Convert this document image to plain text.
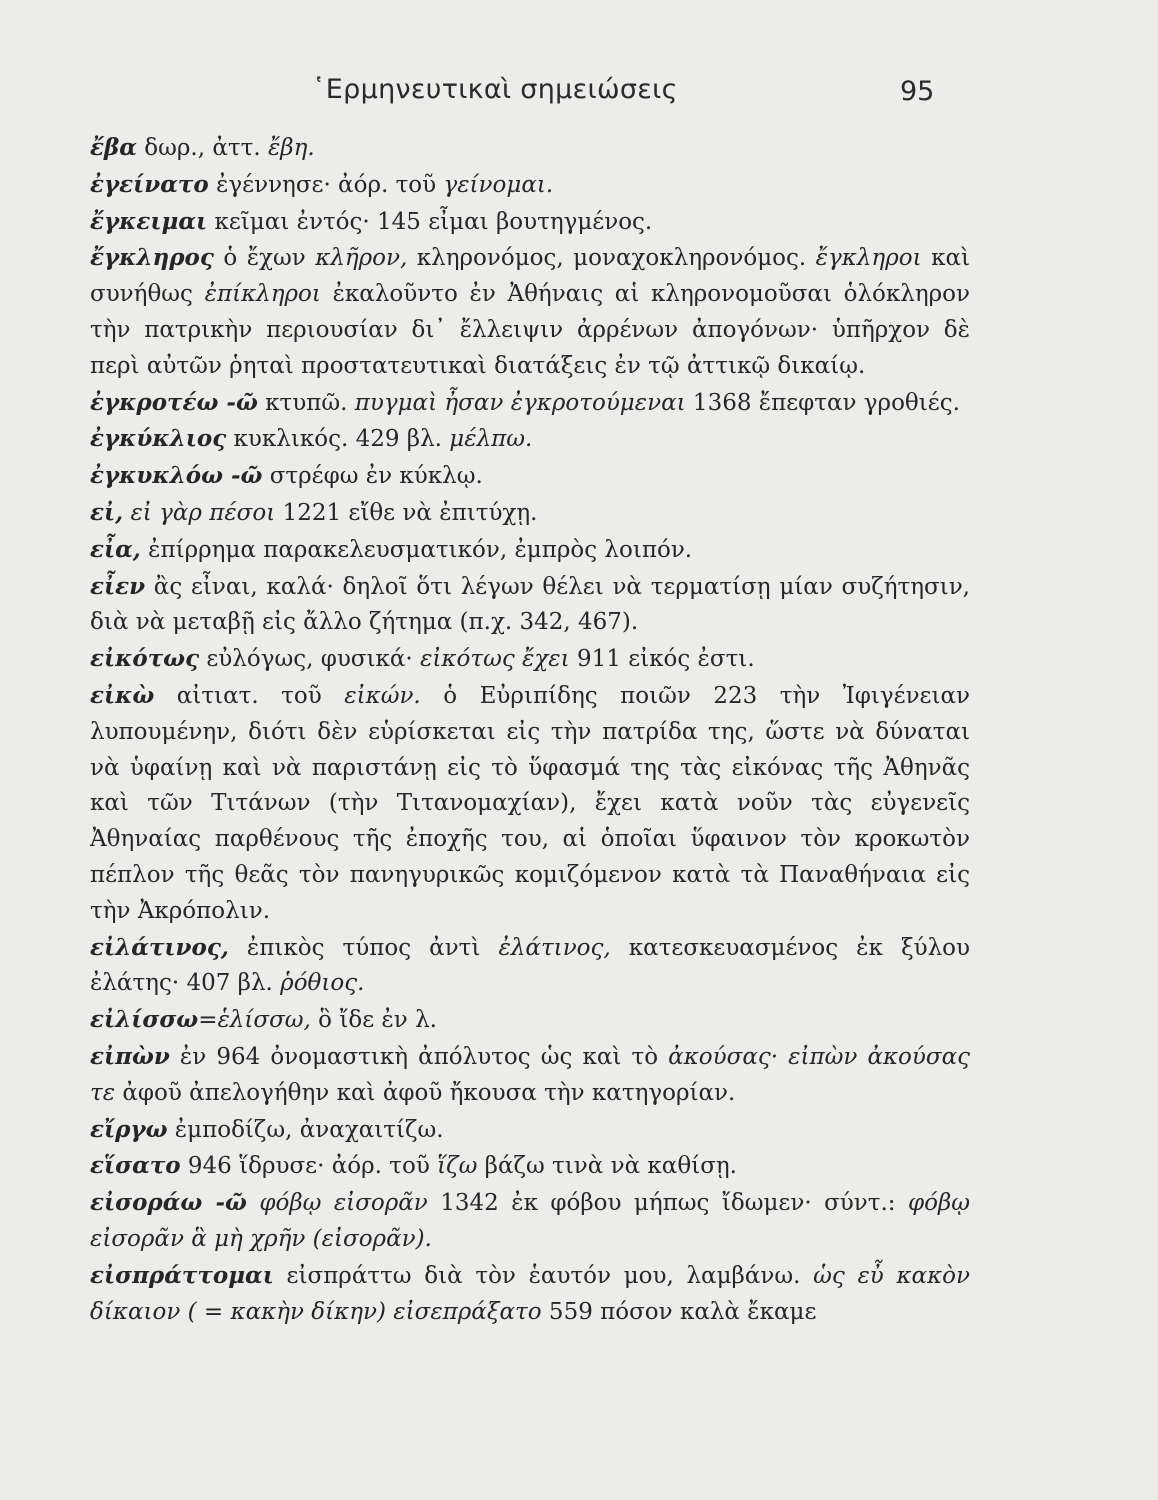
῾Ερμηνευτικαὶ σημειώσεις	95

ἔβα δωρ., ἀττ. ἔβη.

ἐγείνατο ἐγέννησε· ἀόρ. τοῦ γείνομαι.

ἔγκειμαι κεῖμαι ἐντός· 145 εἶμαι βουτηγμένος.

ἔγκληρος ὁ ἔχων κλῆρον, κληρονόμος, μοναχοκληρονόμος. ἔγκληροι καὶ συνήθως ἐπίκληροι ἐκαλοῦντο ἐν Ἀθήναις αἱ κληρονομοῦσαι ὁλόκληρον τὴν πατρικὴν περιουσίαν δι᾽ ἔλλειψιν ἀρρένων ἀπογόνων· ὑπῆρχον δὲ περὶ αὐτῶν ῥηταὶ προστατευτικαὶ διατάξεις ἐν τῷ ἀττικῷ δικαίῳ.

ἐγκροτέω -ῶ κτυπῶ. πυγμαὶ ἦσαν ἐγκροτούμεναι 1368 ἔπεφταν γροθιές.

ἐγκύκλιος κυκλικός. 429 βλ. μέλπω.

ἐγκυκλόω -ῶ στρέφω ἐν κύκλῳ.

εἰ, εἰ γὰρ πέσοι 1221 εἴθε νὰ ἐπιτύχῃ.

εἶα, ἐπίρρημα παρακελευσματικόν, ἐμπρὸς λοιπόν.

εἶεν ἂς εἶναι, καλά· δηλοῖ ὅτι λέγων θέλει νὰ τερματίσῃ μίαν συζήτησιν, διὰ νὰ μεταβῇ εἰς ἄλλο ζήτημα (π.χ. 342, 467).

εἰκότως εὐλόγως, φυσικά· εἰκότως ἔχει 911 εἰκός ἐστι.

εἰκὼ αἰτιατ. τοῦ εἰκών. ὁ Εὐριπίδης ποιῶν 223 τὴν Ἰφιγένειαν λυπουμένην, διότι δὲν εὑρίσκεται εἰς τὴν πατρίδα της, ὥστε νὰ δύναται νὰ ὑφαίνῃ καὶ νὰ παριστάνῃ εἰς τὸ ὕφασμά της τὰς εἰκόνας τῆς Ἀθηνᾶς καὶ τῶν Τιτάνων (τὴν Τιτανομαχίαν), ἔχει κατὰ νοῦν τὰς εὐγενεῖς Ἀθηναίας παρθένους τῆς ἐποχῆς του, αἱ ὁποῖαι ὕφαινον τὸν κροκωτὸν πέπλον τῆς θεᾶς τὸν πανηγυρικῶς κομιζόμενον κατὰ τὰ Παναθήναια εἰς τὴν Ἀκρόπολιν.

εἰλάτινος, ἐπικὸς τύπος ἀντὶ ἐλάτινος, κατεσκευασμένος ἐκ ξύλου ἐλάτης· 407 βλ. ῥόθιος.

εἰλίσσω=ἑλίσσω, ὃ ἴδε ἐν λ.

εἰπὼν ἐν 964 ὀνομαστικὴ ἀπόλυτος ὡς καὶ τὸ ἀκούσας· εἰπὼν ἀκούσας τε ἀφοῦ ἀπελογήθην καὶ ἀφοῦ ἤκουσα τὴν κατηγορίαν.

εἴργω ἐμποδίζω, ἀναχαιτίζω.

εἵσατο 946 ἵδρυσε· ἀόρ. τοῦ ἵζω βάζω τινὰ νὰ καθίσῃ.

εἰσοράω -ῶ φόβῳ εἰσορᾶν 1342 ἐκ φόβου μήπως ἴδωμεν· σύντ.: φόβῳ εἰσορᾶν ἃ μὴ χρῆν (εἰσορᾶν).

εἰσπράττομαι εἰσπράττω διὰ τὸν ἑαυτόν μου, λαμβάνω. ὡς εὖ κακὸν δίκαιον ( = κακὴν δίκην) εἰσεπράξατο 559 πόσον καλὰ ἔκαμε
